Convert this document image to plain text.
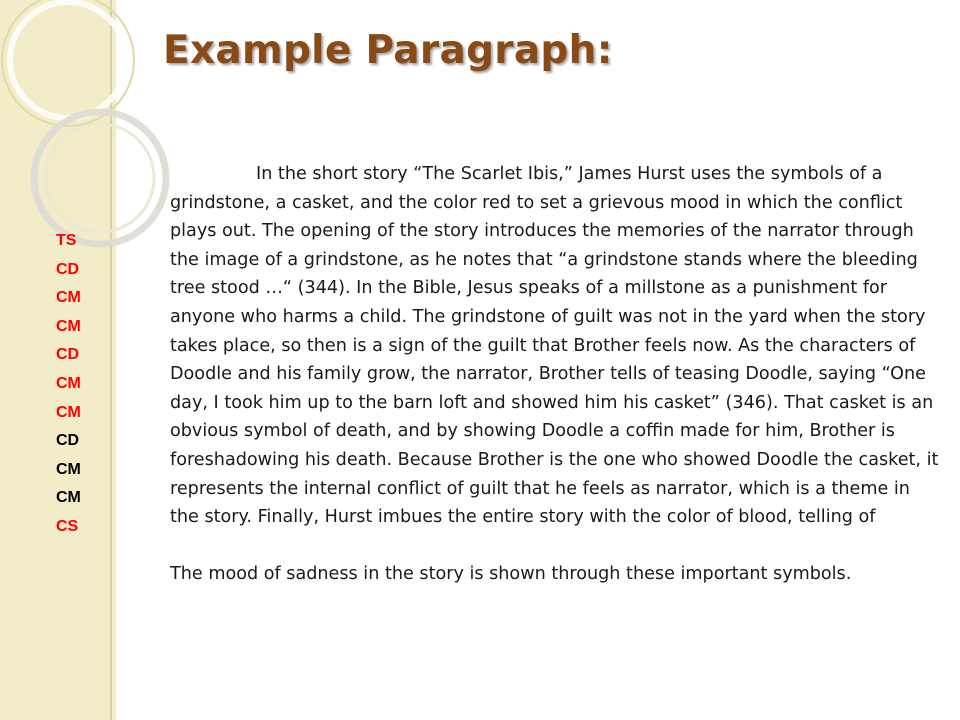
Example Paragraph:
TS
CD
CM
CM
CD
CM
CM
CD
CM
CM
CS

In the short story “The Scarlet Ibis,” James Hurst uses the symbols of a grindstone, a casket, and the color red to set a grievous mood in which the conflict plays out. The opening of the story introduces the memories of the narrator through the image of a grindstone, as he notes that “a grindstone stands where the bleeding tree stood …“ (344). In the Bible, Jesus speaks of a millstone as a punishment for anyone who harms a child. The grindstone of guilt was not in the yard when the story takes place, so then is a sign of the guilt that Brother feels now. As the characters of Doodle and his family grow, the narrator, Brother tells of teasing Doodle, saying “One day, I took him up to the barn loft and showed him his casket” (346). That casket is an obvious symbol of death, and by showing Doodle a coffin made for him, Brother is foreshadowing his death. Because Brother is the one who showed Doodle the casket, it represents the internal conflict of guilt that he feels as narrator, which is a theme in the story. Finally, Hurst imbues the entire story with the color of blood, telling of

The mood of sadness in the story is shown through these important symbols.
